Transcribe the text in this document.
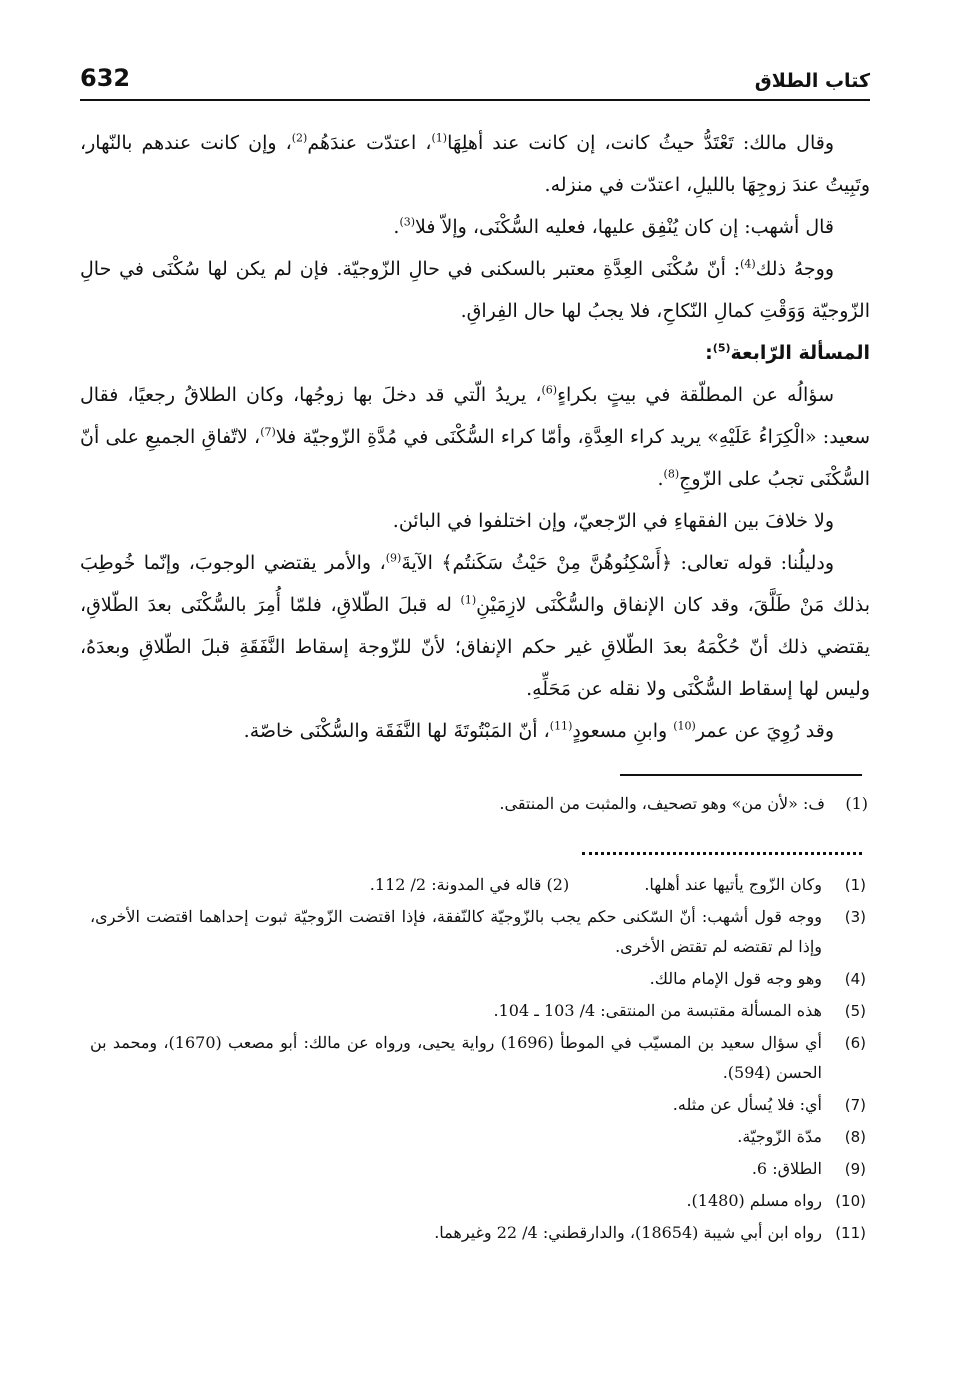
632	كتاب الطلاق

وقال مالك: تَعْتَدُّ حيثُ كانت، إن كانت عند أهلِهَا$^{(1)}$، اعتدّت عندَهُم$^{(2)}$، وإن كانت عندهم بالنّهار، وتَبِيتُ عندَ زوجِهَا بالليلِ، اعتدّت في منزله.

قال أشهب: إن كان يُنْفِق عليها، فعليه السُّكْنَى، وإلاّ فلا$^{(3)}$.

ووجهُ ذلك$^{(4)}$: أنّ سُكْنَى العِدَّةِ معتبر بالسكنى في حالِ الزّوجيّة. فإن لم يكن لها سُكْنَى في حالِ الزّوجيّة وَوَقْتِ كمالِ النّكاحِ، فلا يجبُ لها حال الفِراقِ.

المسألة الرّابعة$^{(5)}$:

سؤالُه عن المطلّقة في بيتٍ بكراءٍ$^{(6)}$، يريدُ الّتي قد دخلَ بها زوجُها، وكان الطلاقُ رجعيًا، فقال سعيد: «الْكِرَاءُ عَلَيْهِ» يريد كراء العِدَّةِ، وأمّا كراء السُّكْنَى في مُدَّةِ الزّوجيّة فلا$^{(7)}$، لاتّفاقِ الجميعِ على أنّ السُّكْنَى تجبُ على الزّوجِ$^{(8)}$.

ولا خلافَ بين الفقهاءِ في الرّجعيّ، وإن اختلفوا في البائن.

ودليلُنا: قوله تعالى: ﴿أَسْكِنُوهُنَّ مِنْ حَيْثُ سَكَنتُم﴾ الآيةَ$^{(9)}$، والأمر يقتضي الوجوبَ، وإنّما خُوطِبَ بذلك مَنْ طَلَّقَ، وقد كان الإنفاق والسُّكْنَى لازِمَيْنِ$^{(1)}$ له قبلَ الطّلاقِ، فلمّا أُمِرَ بالسُّكْنَى بعدَ الطّلاقِ، يقتضي ذلك أنّ حُكْمَهُ بعدَ الطّلاقِ غير حكم الإنفاق؛ لأنّ للزّوجة إسقاط النَّفَقَةِ قبلَ الطّلاقِ وبعدَهُ، وليس لها إسقاط السُّكْنَى ولا نقله عن مَحَلِّهِ.

وقد رُوِيَ عن عمر$^{(10)}$ وابنِ مسعودٍ$^{(11)}$، أنّ المَبْتُوتَةَ لها النَّفَقَة والسُّكْنَى خاصّة.

(1)    ف: «لأن من» وهو تصحيف، والمثبت من المنتقى.
(1)
وكان الزّوج يأتيها عند أهلها. (2) قاله في المدونة: 2/ 112.
(3)
ووجه قول أشهب: أنّ السّكنى حكم يجب بالزّوجيّة كالنّفقة، فإذا اقتضت الزّوجيّة ثبوت إحداهما اقتضت الأخرى، وإذا لم تقتضه لم تقتض الأخرى.
(4)
وهو وجه قول الإمام مالك.
(5)
هذه المسألة مقتبسة من المنتقى: 4/ 103 ـ 104.
(6)
أي سؤال سعيد بن المسيّب في الموطأ (1696) رواية يحيى، ورواه عن مالك: أبو مصعب (1670)، ومحمد بن الحسن (594).
(7)
أي: فلا يُسأل عن مثله.
(8)
مدّة الزّوجيّة.
(9)
الطلاق: 6.
(10)
رواه مسلم (1480).
(11)
رواه ابن أبي شيبة (18654)، والدارقطني: 4/ 22 وغيرهما.
